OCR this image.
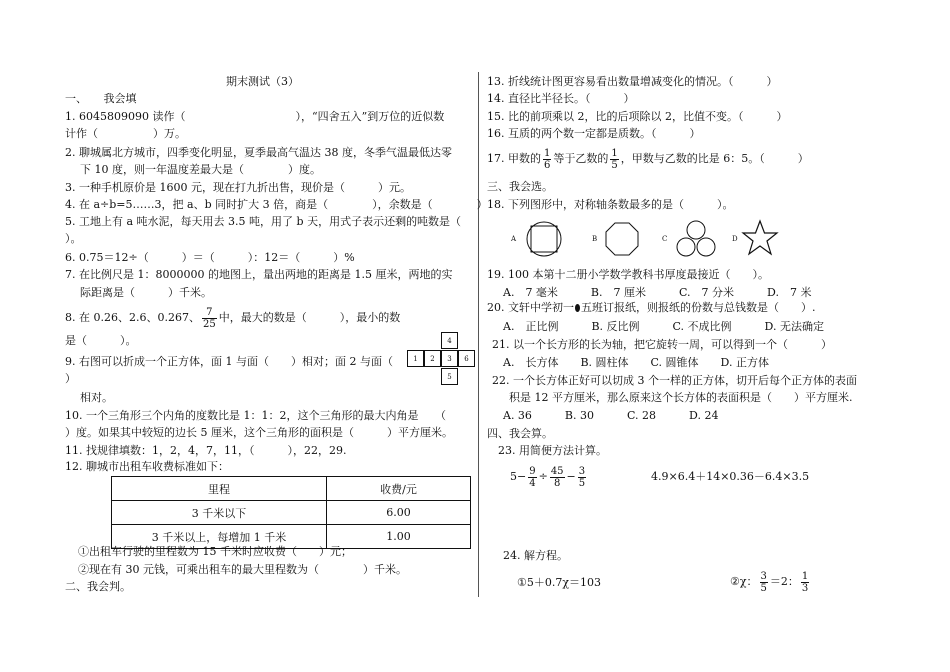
期末测试（3）
一、　　我会填
1. 6045809090 读作（　　　　　　　　　　），“四舍五入”到万位的近似数
计作（　　　　　）万。
2. 聊城属北方城市，四季变化明显，夏季最高气温达 38 度，冬季气温最低达零
下 10 度，则一年温度差最大是（　　　　）度。
3. 一种手机原价是 1600 元，现在打九折出售，现价是（　　　）元。
4. 在 a÷b=5……3，把 a、b 同时扩大 3 倍，商是（　　　　），余数是（　　　　）
5. 工地上有 a 吨水泥，每天用去 3.5 吨，用了 b 天，用式子表示还剩的吨数是（
）。
6. 0.75＝12÷（　　　）＝（　　　）：12＝（　　　）%
7. 在比例尺是 1：8000000 的地图上，量出两地的距离是 1.5 厘米，两地的实
际距离是（　　　）千米。
8. 在 0.26、2.6、0.267、 $\frac{7}{25}$ 中，最大的数是（　　　），最小的数
是（　　　）。
9. 右图可以折成一个正方体，面 1 与面（　　）相对；面 2 与面（
）
相对。
4
1	2	3	6
5
10. 一个三角形三个内角的度数比是 1：1：2，这个三角形的最大内角是　　（
）度。如果其中较短的边长 5 厘米，这个三角形的面积是（　　　）平方厘米。
11. 找规律填数：1，2，4，7，11，（　　　），22，29.
12. 聊城市出租车收费标准如下：
里程	收费/元
3 千米以下	6.00
3 千米以上，每增加 1 千米	1.00
①出租车行驶的里程数为 15 千米时应收费（　　）元；
②现在有 30 元钱，可乘出租车的最大里程数为（　　　　）千米。
二、我会判。
13. 折线统计图更容易看出数量增减变化的情况。（　　　）
14. 直径比半径长。（　　　）
15. 比的前项乘以 2，比的后项除以 2，比值不变。（　　　）
16. 互质的两个数一定都是质数。（　　　）
17. 甲数的 $\frac{1}{6}$ 等于乙数的 $\frac{1}{5}$ ，甲数与乙数的比是 6：5。（　　　）
三、我会选。
18. 下列图形中，对称轴条数最多的是（　　　）。
A	B	C	D
19. 100 本第十二册小学数学教科书厚度最接近（　　）。
A.　7 毫米　　　B.　7 厘米　　　C.　7 分米　　　D.　7 米
20. 文轩中学初一 五班订报纸，则报纸的份数与总钱数是（　　）.
A.　正比例　　　B. 反比例　　　C. 不成比例　　　D. 无法确定
21. 以一个长方形的长为轴，把它旋转一周，可以得到一个（　　　）
A.　长方体　　B. 圆柱体　　C. 圆锥体　　D. 正方体
22. 一个长方体正好可以切成 3 个一样的正方体，切开后每个正方体的表面
积是 12 平方厘米，那么原来这个长方体的表面积是（　　）平方厘米.
A. 36　　　B. 30　　　C. 28　　　D. 24
四、我会算。
23. 用简便方法计算。
$5- \frac{9}{4} \div \frac{45}{8} - \frac{3}{5}$	4.9×6.4＋14×0.36－6.4×3.5
24. 解方程。
①5＋0.7χ＝103	②χ： $\frac{3}{5} =2$： $\frac{1}{3}$
